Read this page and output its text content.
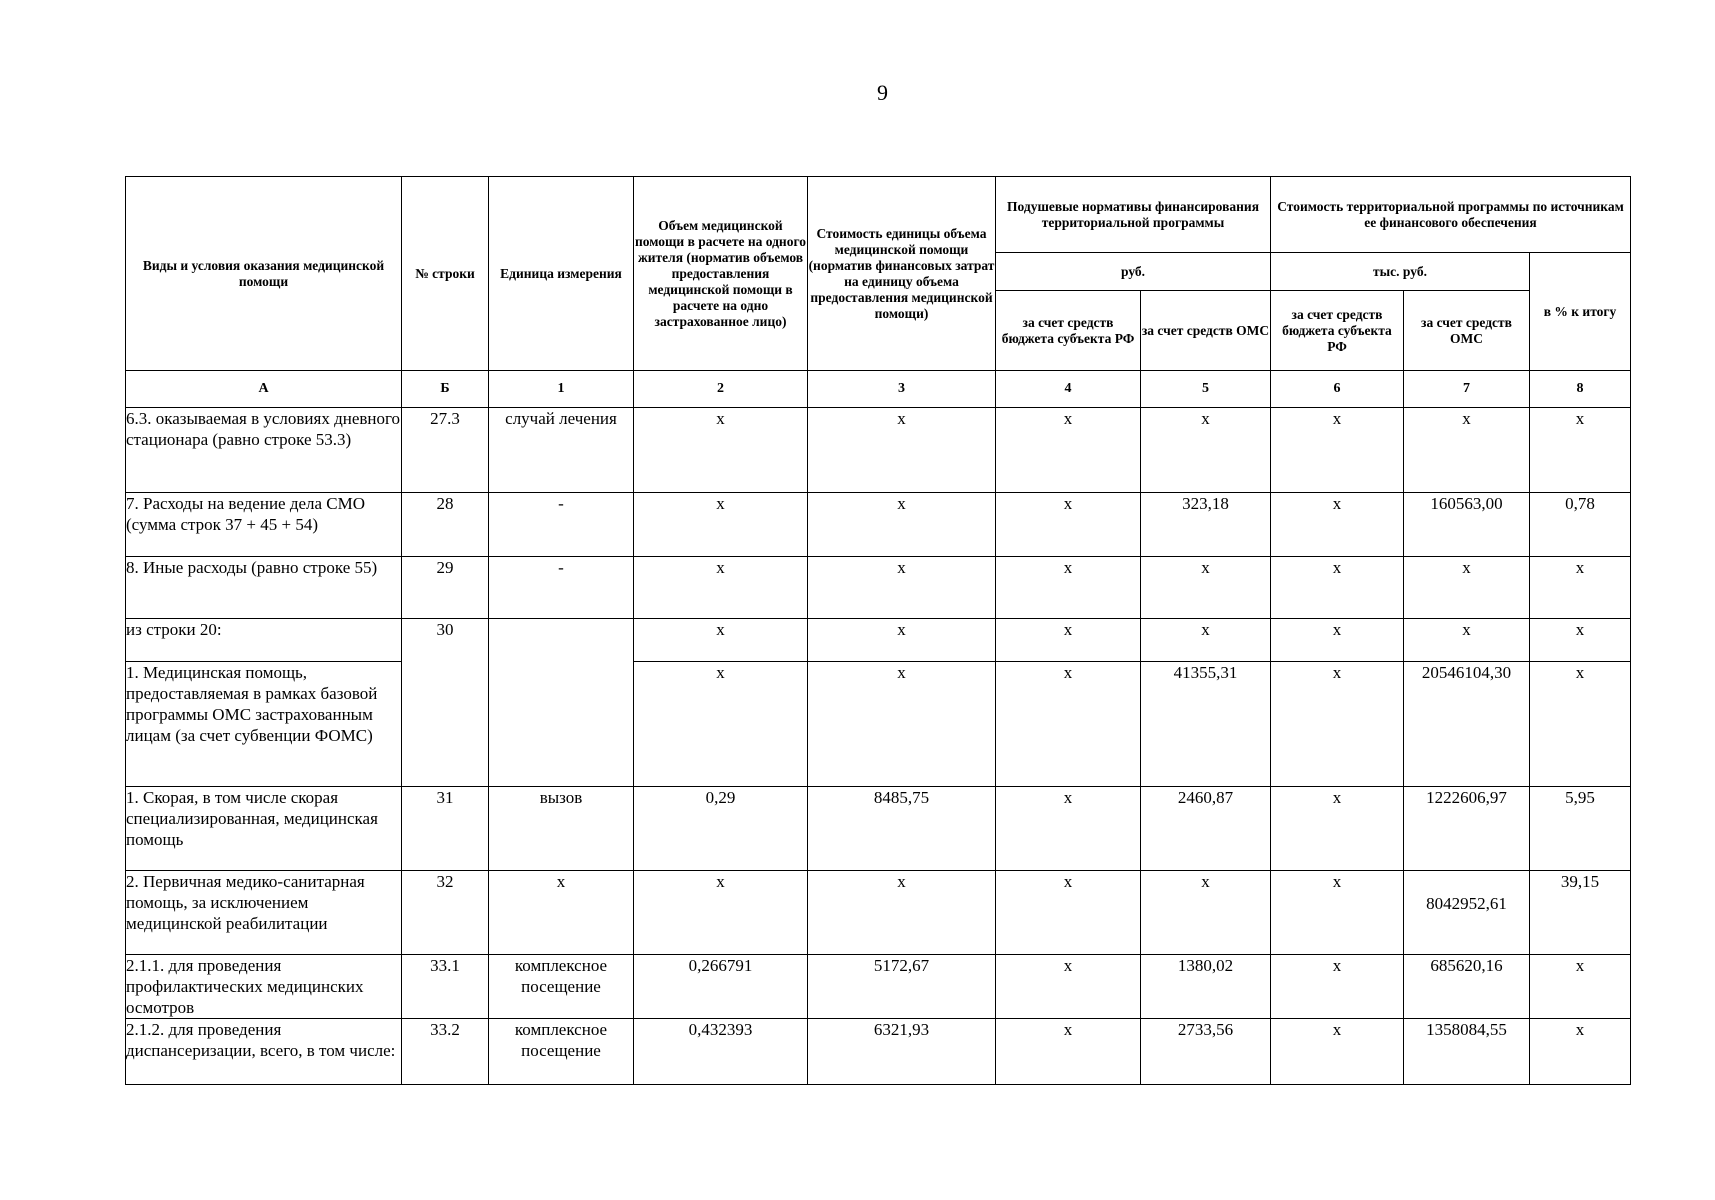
9
Виды и условия оказания медицинской помощи	№ строки	Единица измерения	Объем медицинской помощи в расчете на одного жителя (норматив объемов предоставления медицинской помощи в расчете на одно застрахованное лицо)	Стоимость единицы объема медицинской помощи (норматив финансовых затрат на единицу объема предоставления медицинской помощи)	Подушевые нормативы финансирования территориальной программы		Стоимость территориальной программы по источникам ее финансового обеспечения		
					руб.		тыс. руб.		в % к итогу
					за счет средств бюджета субъекта РФ	за счет средств ОМС	за счет средств бюджета субъекта РФ	за счет средств ОМС	
А	Б	1	2	3	4	5	6	7	8
6.3. оказываемая в условиях дневного стационара (равно строке 53.3)	27.3	случай лечения	х	х	х	х	х	х	х
7. Расходы на ведение дела СМО (сумма строк 37 + 45 + 54)	28	-	х	х	х	323,18	х	160563,00	0,78
8. Иные расходы (равно строке 55)	29	-	х	х	х	х	х	х	х
из строки 20:	30		х	х	х	х	х	х	х
1. Медицинская помощь, предоставляемая в рамках базовой программы ОМС застрахованным лицам (за счет субвенции ФОМС)			х	х	х	41355,31	х	20546104,30	х
1. Скорая, в том числе скорая специализированная, медицинская помощь	31	вызов	0,29	8485,75	х	2460,87	х	1222606,97	5,95
2. Первичная медико-санитарная помощь, за исключением медицинской реабилитации	32	х	х	х	х	х	х	8042952,61	39,15
2.1.1. для проведения профилактических медицинских осмотров	33.1	комплексное посещение	0,266791	5172,67	х	1380,02	х	685620,16	х
2.1.2. для проведения диспансеризации, всего, в том числе:	33.2	комплексное посещение	0,432393	6321,93	х	2733,56	х	1358084,55	х
